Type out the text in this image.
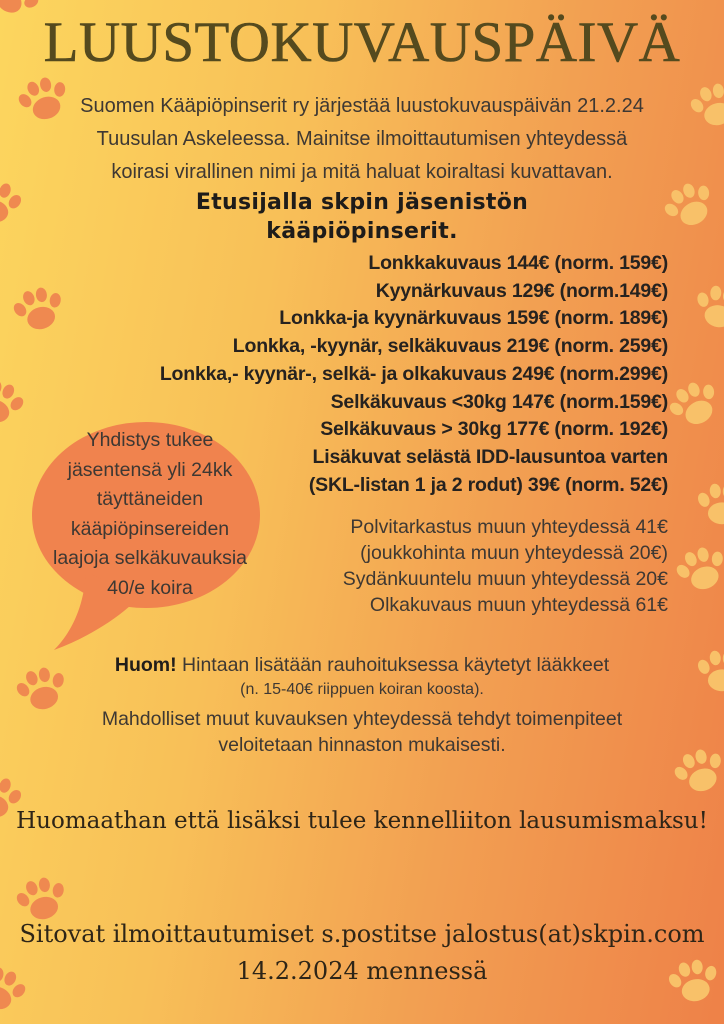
LUUSTOKUVAUSPÄIVÄ
Suomen Kääpiöpinserit ry järjestää luustokuvauspäivän 21.2.24
Tuusulan Askeleessa. Mainitse ilmoittautumisen yhteydessä
koirasi virallinen nimi ja mitä haluat koiraltasi kuvattavan.
Etusijalla skpin jäsenistön
kääpiöpinserit.
Lonkkakuvaus 144€ (norm. 159€)
Kyynärkuvaus 129€ (norm.149€)
Lonkka-ja kyynärkuvaus 159€ (norm. 189€)
Lonkka, -kyynär, selkäkuvaus 219€ (norm. 259€)
Lonkka,- kyynär-, selkä- ja olkakuvaus 249€ (norm.299€)
Selkäkuvaus <30kg 147€ (norm.159€)
Selkäkuvaus > 30kg 177€ (norm. 192€)
Lisäkuvat selästä IDD-lausuntoa varten
(SKL-listan 1 ja 2 rodut) 39€ (norm. 52€)
Polvitarkastus muun yhteydessä 41€
(joukkohinta muun yhteydessä 20€)
Sydänkuuntelu muun yhteydessä 20€
Olkakuvaus muun yhteydessä 61€
Yhdistys tukee
jäsentensä yli 24kk
täyttäneiden
kääpiöpinsereiden
laajoja selkäkuvauksia
40/e koira
Huom! Hintaan lisätään rauhoituksessa käytetyt lääkkeet
(n. 15-40€ riippuen koiran koosta).
Mahdolliset muut kuvauksen yhteydessä tehdyt toimenpiteet
veloitetaan hinnaston mukaisesti.
Huomaathan että lisäksi tulee kennelliiton lausumismaksu!
Sitovat ilmoittautumiset s.postitse jalostus(at)skpin.com
14.2.2024 mennessä
